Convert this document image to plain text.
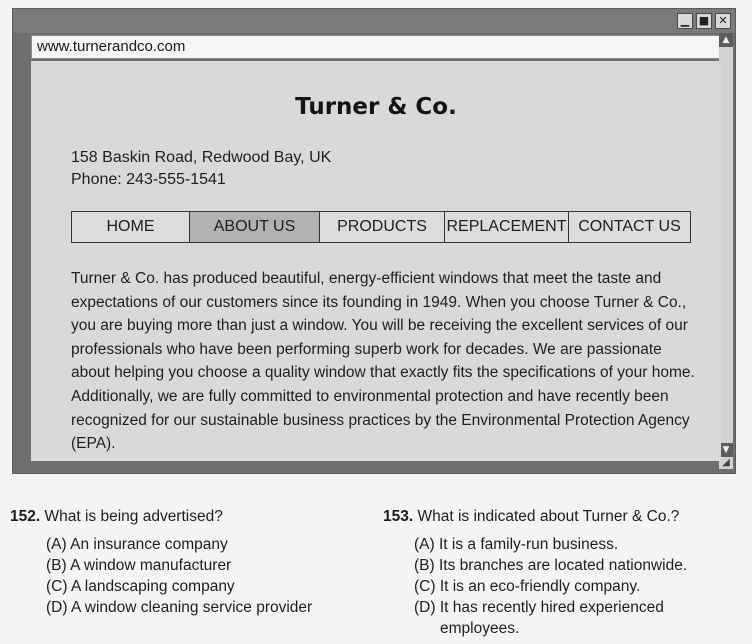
▁ ■ ✕
www.turnerandco.com	▲
▼
◢
Turner & Co.
158 Baskin Road, Redwood Bay, UK
Phone: 243-555-1541
HOME	ABOUT US	PRODUCTS	REPLACEMENT CONTACT US
Turner & Co. has produced beautiful, energy-efficient windows that meet the taste and expectations of our customers since its founding in 1949. When you choose Turner & Co., you are buying more than just a window. You will be receiving the excellent services of our professionals who have been performing superb work for decades. We are passionate about helping you choose a quality window that exactly fits the specifications of your home. Additionally, we are fully committed to environmental protection and have recently been recognized for our sustainable business practices by the Environmental Protection Agency (EPA).
152. What is being advertised?
(A) An insurance company
(B) A window manufacturer
(C) A landscaping company
(D) A window cleaning service provider
153. What is indicated about Turner & Co.?
(A) It is a family-run business.
(B) Its branches are located nationwide.
(C) It is an eco-friendly company.
(D) It has recently hired experienced
employees.
